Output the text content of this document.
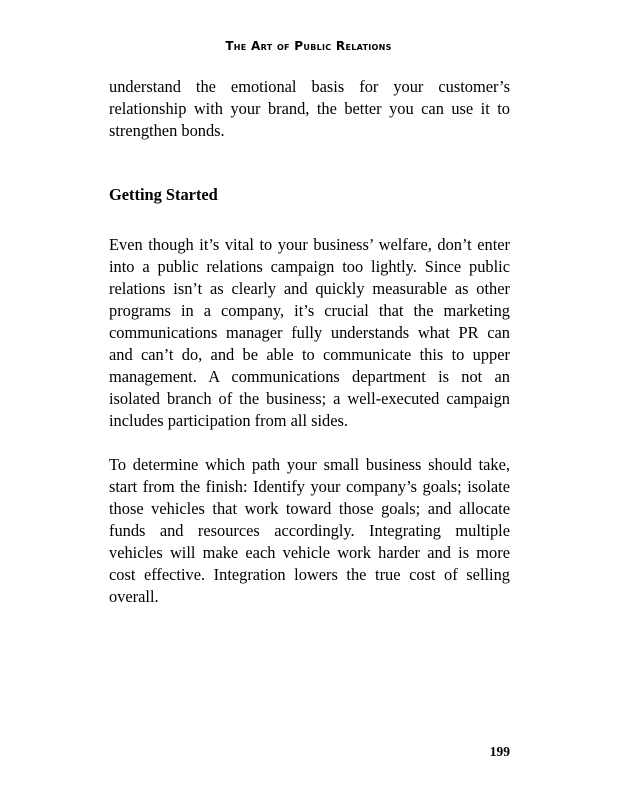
The Art of Public Relations

understand the emotional basis for your customer’s relationship with your brand, the better you can use it to strengthen bonds.

Getting Started

Even though it’s vital to your business’ welfare, don’t enter into a public relations campaign too lightly. Since public relations isn’t as clearly and quickly measurable as other programs in a company, it’s crucial that the marketing communications manager fully understands what PR can and can’t do, and be able to communicate this to upper management. A communications department is not an isolated branch of the business; a well-executed campaign includes participation from all sides.

To determine which path your small business should take, start from the finish: Identify your company’s goals; isolate those vehicles that work toward those goals; and allocate funds and resources accordingly. Integrating multiple vehicles will make each vehicle work harder and is more cost effective. Integration lowers the true cost of selling overall.

199
